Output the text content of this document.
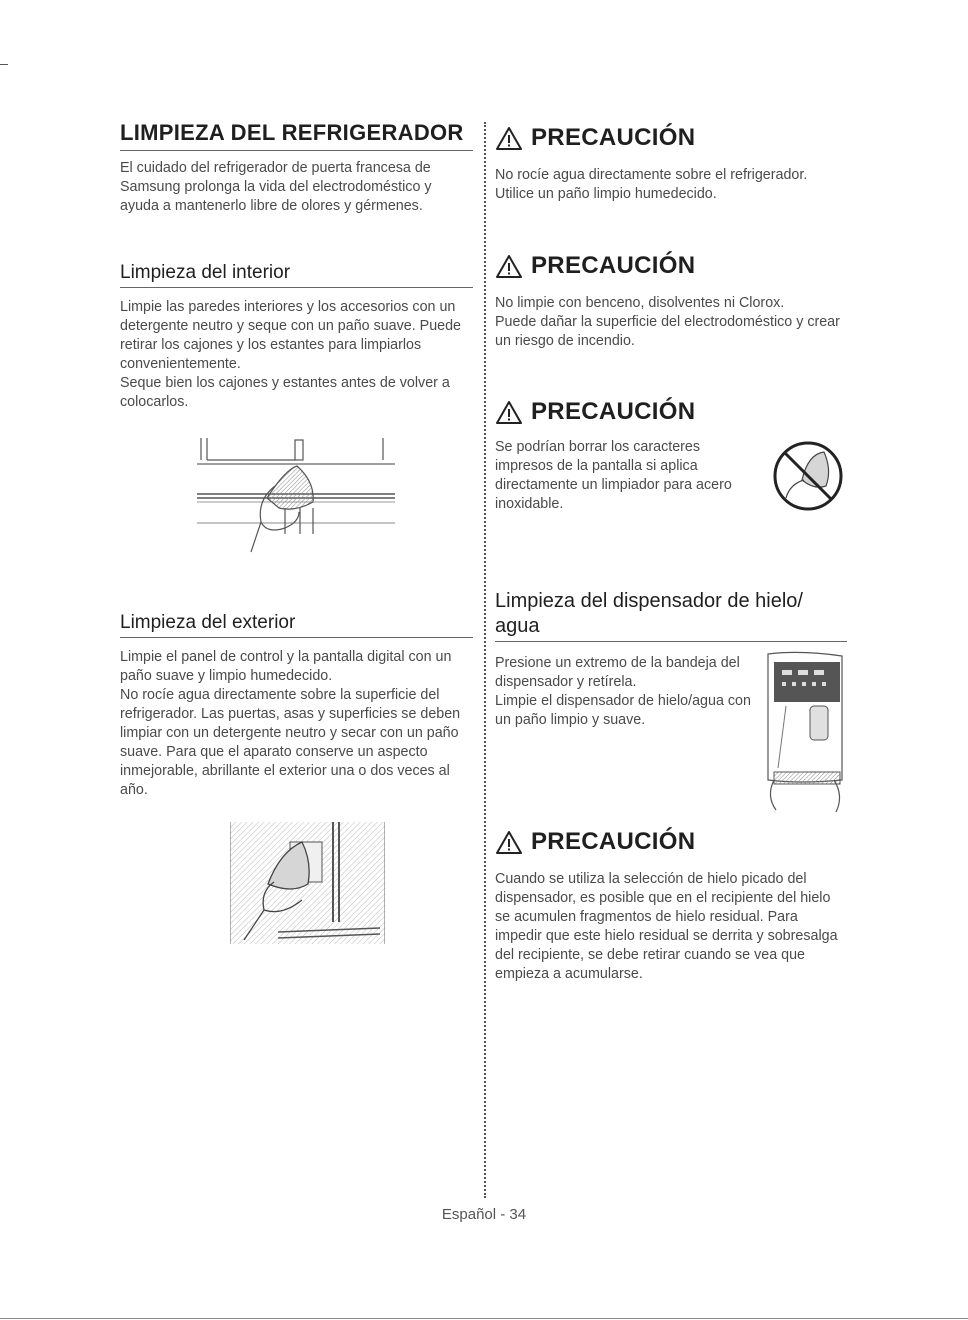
LIMPIEZA DEL REFRIGERADOR

El cuidado del refrigerador de puerta francesa de Samsung prolonga la vida del electrodoméstico y ayuda a mantenerlo libre de olores y gérmenes.

Limpieza del interior

Limpie las paredes interiores y los accesorios con un detergente neutro y seque con un paño suave. Puede retirar los cajones y los estantes para limpiarlos convenientemente.

Seque bien los cajones y estantes antes de volver a colocarlos.

Limpieza del exterior

Limpie el panel de control y la pantalla digital con un paño suave y limpio humedecido.

No rocíe agua directamente sobre la superficie del refrigerador. Las puertas, asas y superficies se deben limpiar con un detergente neutro y secar con un paño suave. Para que el aparato conserve un aspecto inmejorable, abrillante el exterior una o dos veces al año.

PRECAUCIÓN

No rocíe agua directamente sobre el refrigerador.

Utilice un paño limpio humedecido.

PRECAUCIÓN

No limpie con benceno, disolventes ni Clorox.

Puede dañar la superficie del electrodoméstico y crear un riesgo de incendio.

PRECAUCIÓN

Se podrían borrar los caracteres impresos de la pantalla si aplica directamente un limpiador para acero inoxidable.

Limpieza del dispensador de hielo/ agua

Presione un extremo de la bandeja del dispensador y retírela.

Limpie el dispensador de hielo/agua con un paño limpio y suave.

PRECAUCIÓN

Cuando se utiliza la selección de hielo picado del dispensador, es posible que en el recipiente del hielo se acumulen fragmentos de hielo residual. Para impedir que este hielo residual se derrita y sobresalga del recipiente, se debe retirar cuando se vea que empieza a acumularse.

Español - 34
